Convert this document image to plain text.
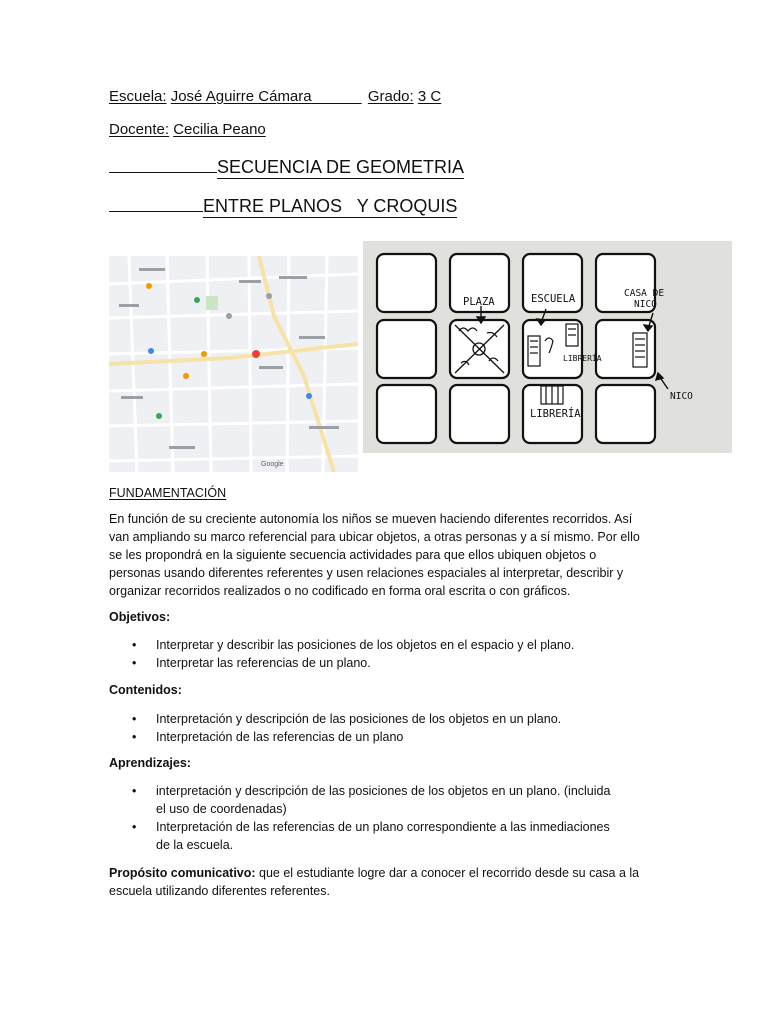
Escuela: José Aguirre Cámara	Grado: 3 C
Docente: Cecilia Peano
SECUENCIA DE GEOMETRIA
ENTRE PLANOS   Y CROQUIS
Google
PLAZA	ESCUELA	CASA DE
NICO
LIBRERÍA
LIBRERÍA
NICO
FUNDAMENTACIÓN
En función de su creciente autonomía los niños se mueven haciendo diferentes recorridos. Así
van ampliando su marco referencial para ubicar objetos, a otras personas y a sí mismo. Por ello
se les propondrá en la siguiente secuencia actividades para que ellos ubiquen objetos o
personas usando diferentes referentes y usen relaciones espaciales al interpretar, describir y
organizar recorridos realizados o no codificado en forma oral escrita o con gráficos.
Objetivos:
• Interpretar y describir las posiciones de los objetos en el espacio y el plano.
• Interpretar las referencias de un plano.
Contenidos:
• Interpretación y descripción de las posiciones de los objetos en un plano.
• Interpretación de las referencias de un plano
Aprendizajes:
• interpretación y descripción de las posiciones de los objetos en un plano. (incluida el uso de coordenadas)
• Interpretación de las referencias de un plano correspondiente a las inmediaciones de la escuela.
Propósito comunicativo: que el estudiante logre dar a conocer el recorrido desde su casa a la escuela utilizando diferentes referentes.
